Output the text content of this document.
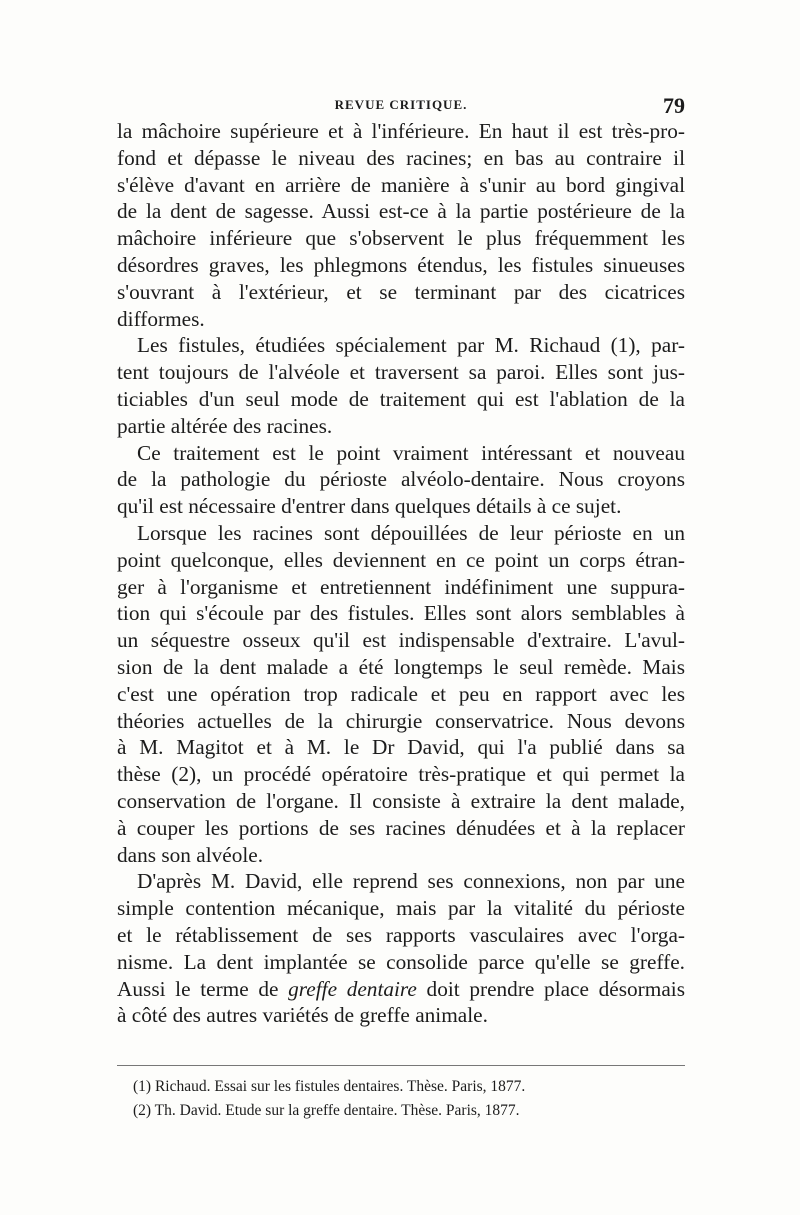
REVUE CRITIQUE.	79
la mâchoire supérieure et à l'inférieure. En haut il est très-pro-
fond et dépasse le niveau des racines; en bas au contraire il
s'élève d'avant en arrière de manière à s'unir au bord gingival
de la dent de sagesse. Aussi est-ce à la partie postérieure de la
mâchoire inférieure que s'observent le plus fréquemment les
désordres graves, les phlegmons étendus, les fistules sinueuses
s'ouvrant à l'extérieur, et se terminant par des cicatrices
difformes.
Les fistules, étudiées spécialement par M. Richaud (1), par-
tent toujours de l'alvéole et traversent sa paroi. Elles sont jus-
ticiables d'un seul mode de traitement qui est l'ablation de la
partie altérée des racines.
Ce traitement est le point vraiment intéressant et nouveau
de la pathologie du périoste alvéolo-dentaire. Nous croyons
qu'il est nécessaire d'entrer dans quelques détails à ce sujet.
Lorsque les racines sont dépouillées de leur périoste en un
point quelconque, elles deviennent en ce point un corps étran-
ger à l'organisme et entretiennent indéfiniment une suppura-
tion qui s'écoule par des fistules. Elles sont alors semblables à
un séquestre osseux qu'il est indispensable d'extraire. L'avul-
sion de la dent malade a été longtemps le seul remède. Mais
c'est une opération trop radicale et peu en rapport avec les
théories actuelles de la chirurgie conservatrice. Nous devons
à M. Magitot et à M. le Dr David, qui l'a publié dans sa
thèse (2), un procédé opératoire très-pratique et qui permet la
conservation de l'organe. Il consiste à extraire la dent malade,
à couper les portions de ses racines dénudées et à la replacer
dans son alvéole.
D'après M. David, elle reprend ses connexions, non par une
simple contention mécanique, mais par la vitalité du périoste
et le rétablissement de ses rapports vasculaires avec l'orga-
nisme. La dent implantée se consolide parce qu'elle se greffe.
Aussi le terme de greffe dentaire doit prendre place désormais
à côté des autres variétés de greffe animale.
(1) Richaud. Essai sur les fistules dentaires. Thèse. Paris, 1877.
(2) Th. David. Etude sur la greffe dentaire. Thèse. Paris, 1877.
